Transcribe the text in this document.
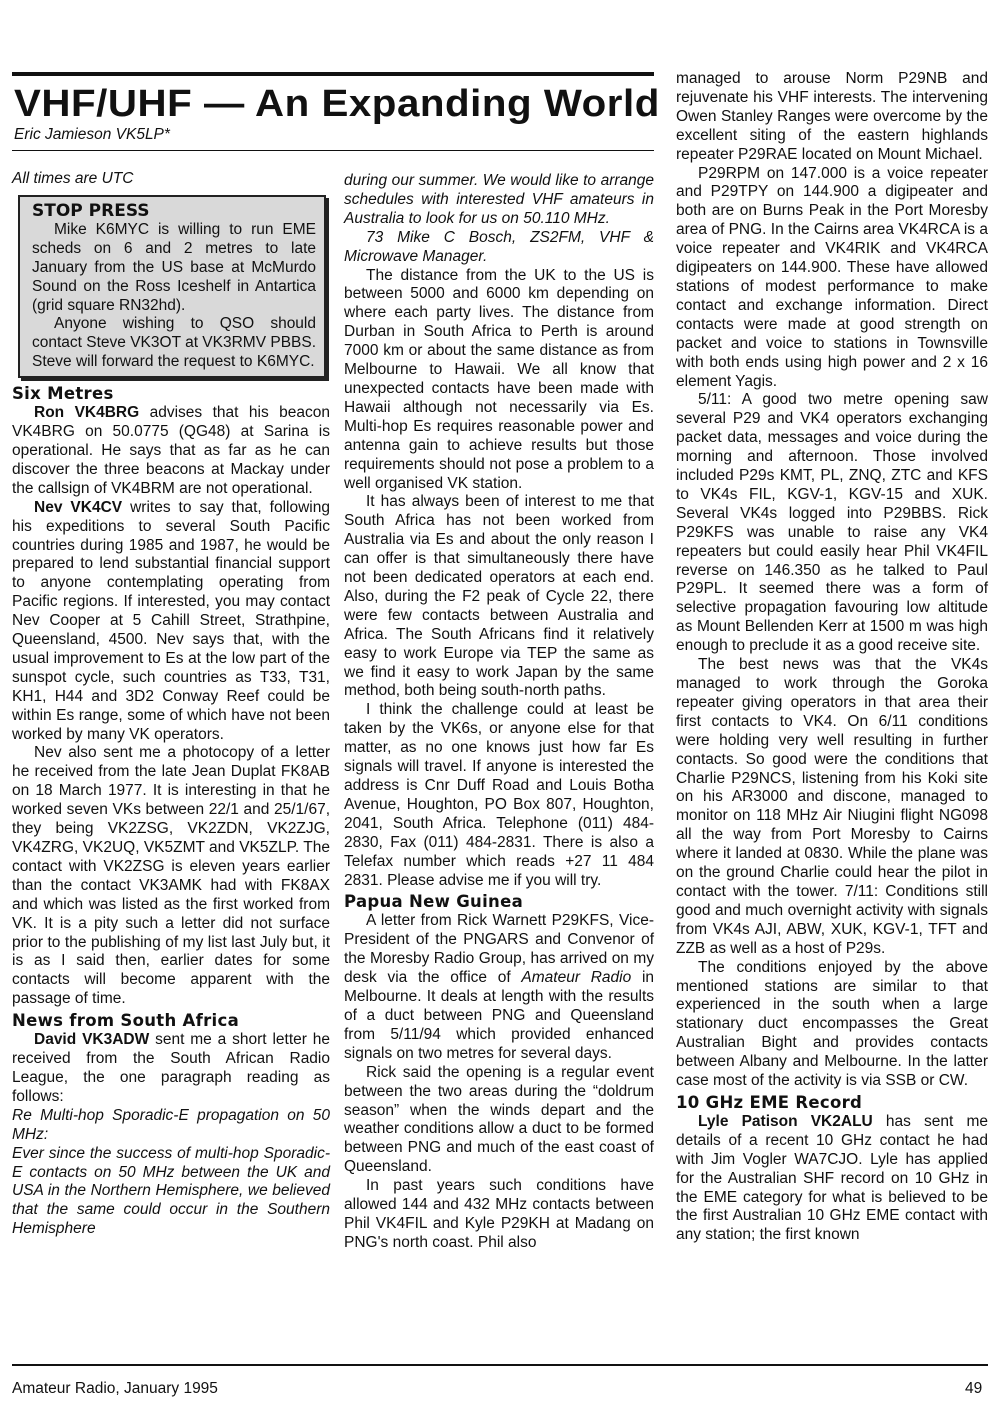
VHF/UHF — An Expanding World

Eric Jamieson VK5LP*

All times are UTC

STOP PRESS

Mike K6MYC is willing to run EME scheds on 6 and 2 metres to late January from the US base at McMurdo Sound on the Ross Iceshelf in Antartica (grid square RN32hd).

Anyone wishing to QSO should contact Steve VK3OT at VK3RMV PBBS. Steve will forward the request to K6MYC.

Six Metres

Ron VK4BRG advises that his beacon VK4BRG on 50.0775 (QG48) at Sarina is operational. He says that as far as he can discover the three beacons at Mackay under the callsign of VK4BRM are not operational.

Nev VK4CV writes to say that, following his expeditions to several South Pacific countries during 1985 and 1987, he would be prepared to lend substantial financial support to anyone contemplating operating from Pacific regions. If interested, you may contact Nev Cooper at 5 Cahill Street, Strathpine, Queensland, 4500. Nev says that, with the usual improvement to Es at the low part of the sunspot cycle, such countries as T33, T31, KH1, H44 and 3D2 Conway Reef could be within Es range, some of which have not been worked by many VK operators.

Nev also sent me a photocopy of a letter he received from the late Jean Duplat FK8AB on 18 March 1977. It is interesting in that he worked seven VKs between 22/1 and 25/1/67, they being VK2ZSG, VK2ZDN, VK2ZJG, VK4ZRG, VK2UQ, VK5ZMT and VK5ZLP. The contact with VK2ZSG is eleven years earlier than the contact VK3AMK had with FK8AX and which was listed as the first worked from VK. It is a pity such a letter did not surface prior to the publishing of my list last July but, it is as I said then, earlier dates for some contacts will become apparent with the passage of time.

News from South Africa

David VK3ADW sent me a short letter he received from the South African Radio League, the one paragraph reading as follows:

Re Multi-hop Sporadic-E propagation on 50 MHz:

Ever since the success of multi-hop Sporadic-E contacts on 50 MHz between the UK and USA in the Northern Hemisphere, we believed that the same could occur in the Southern Hemisphere

during our summer. We would like to arrange schedules with interested VHF amateurs in Australia to look for us on 50.110 MHz.

73 Mike C Bosch, ZS2FM, VHF & Microwave Manager.

The distance from the UK to the US is between 5000 and 6000 km depending on where each party lives. The distance from Durban in South Africa to Perth is around 7000 km or about the same distance as from Melbourne to Hawaii. We all know that unexpected contacts have been made with Hawaii although not necessarily via Es. Multi-hop Es requires reasonable power and antenna gain to achieve results but those requirements should not pose a problem to a well organised VK station.

It has always been of interest to me that South Africa has not been worked from Australia via Es and about the only reason I can offer is that simultaneously there have not been dedicated operators at each end. Also, during the F2 peak of Cycle 22, there were few contacts between Australia and Africa. The South Africans find it relatively easy to work Europe via TEP the same as we find it easy to work Japan by the same method, both being south-north paths.

I think the challenge could at least be taken by the VK6s, or anyone else for that matter, as no one knows just how far Es signals will travel. If anyone is interested the address is Cnr Duff Road and Louis Botha Avenue, Houghton, PO Box 807, Houghton, 2041, South Africa. Telephone (011) 484-2830, Fax (011) 484-2831. There is also a Telefax number which reads +27 11 484 2831. Please advise me if you will try.

Papua New Guinea

A letter from Rick Warnett P29KFS, Vice-President of the PNGARS and Convenor of the Moresby Radio Group, has arrived on my desk via the office of Amateur Radio in Melbourne. It deals at length with the results of a duct between PNG and Queensland from 5/11/94 which provided enhanced signals on two metres for several days.

Rick said the opening is a regular event between the two areas during the “doldrum season” when the winds depart and the weather conditions allow a duct to be formed between PNG and much of the east coast of Queensland.

In past years such conditions have allowed 144 and 432 MHz contacts between Phil VK4FIL and Kyle P29KH at Madang on PNG's north coast. Phil also

managed to arouse Norm P29NB and rejuvenate his VHF interests. The intervening Owen Stanley Ranges were overcome by the excellent siting of the eastern highlands repeater P29RAE located on Mount Michael.

P29RPM on 147.000 is a voice repeater and P29TPY on 144.900 a digipeater and both are on Burns Peak in the Port Moresby area of PNG. In the Cairns area VK4RCA is a voice repeater and VK4RIK and VK4RCA digipeaters on 144.900. These have allowed stations of modest performance to make contact and exchange information. Direct contacts were made at good strength on packet and voice to stations in Townsville with both ends using high power and 2 x 16 element Yagis.

5/11: A good two metre opening saw several P29 and VK4 operators exchanging packet data, messages and voice during the morning and afternoon. Those involved included P29s KMT, PL, ZNQ, ZTC and KFS to VK4s FIL, KGV-1, KGV-15 and XUK. Several VK4s logged into P29BBS. Rick P29KFS was unable to raise any VK4 repeaters but could easily hear Phil VK4FIL reverse on 146.350 as he talked to Paul P29PL. It seemed there was a form of selective propagation favouring low altitude as Mount Bellenden Kerr at 1500 m was high enough to preclude it as a good receive site.

The best news was that the VK4s managed to work through the Goroka repeater giving operators in that area their first contacts to VK4. On 6/11 conditions were holding very well resulting in further contacts. So good were the conditions that Charlie P29NCS, listening from his Koki site on his AR3000 and discone, managed to monitor on 118 MHz Air Niugini flight NG098 all the way from Port Moresby to Cairns where it landed at 0830. While the plane was on the ground Charlie could hear the pilot in contact with the tower. 7/11: Conditions still good and much overnight activity with signals from VK4s AJI, ABW, XUK, KGV-1, TFT and ZZB as well as a host of P29s.

The conditions enjoyed by the above mentioned stations are similar to that experienced in the south when a large stationary duct encompasses the Great Australian Bight and provides contacts between Albany and Melbourne. In the latter case most of the activity is via SSB or CW.

10 GHz EME Record

Lyle Patison VK2ALU has sent me details of a recent 10 GHz contact he had with Jim Vogler WA7CJO. Lyle has applied for the Australian SHF record on 10 GHz in the EME category for what is believed to be the first Australian 10 GHz EME contact with any station; the first known

Amateur Radio, January 1995	49
